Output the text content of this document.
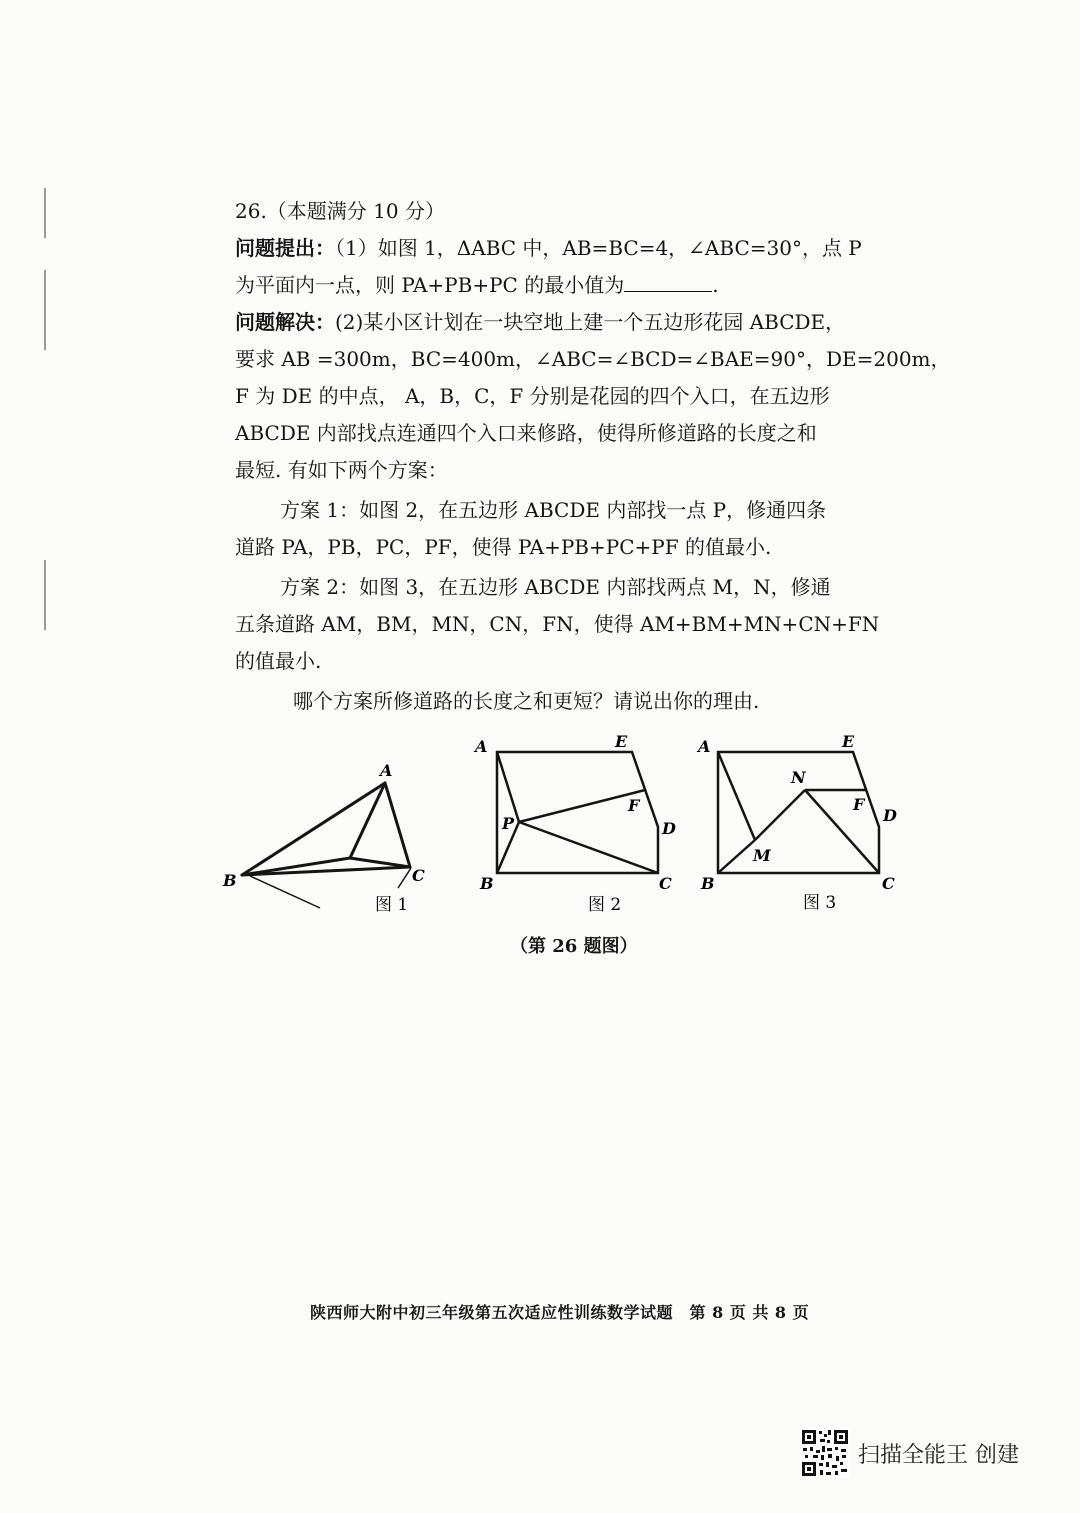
26.（本题满分 10 分）
问题提出：（1）如图 1，ΔABC 中，AB=BC=4，∠ABC=30°，点 P
为平面内一点，则 PA+PB+PC 的最小值为	.
问题解决：(2)某小区计划在一块空地上建一个五边形花园 ABCDE，
要求 AB =300m，BC=400m，∠ABC=∠BCD=∠BAE=90°，DE=200m，
F 为 DE 的中点， A，B，C，F 分别是花园的四个入口，在五边形
ABCDE 内部找点连通四个入口来修路，使得所修道路的长度之和
最短. 有如下两个方案：
方案 1：如图 2，在五边形 ABCDE 内部找一点 P，修通四条
道路 PA，PB，PC，PF，使得 PA+PB+PC+PF 的值最小.
方案 2：如图 3，在五边形 ABCDE 内部找两点 M，N，修通
五条道路 AM，BM，MN，CN，FN，使得 AM+BM+MN+CN+FN
的值最小.
哪个方案所修道路的长度之和更短？请说出你的理由.
A
B	C
图 1
A	E
F
D
P
B	C
图 2
A	E
N
F
D
M
B	C
图 3
（第 26 题图）
陕西师大附中初三年级第五次适应性训练数学试题　第 8 页 共 8 页
扫描全能王 创建
